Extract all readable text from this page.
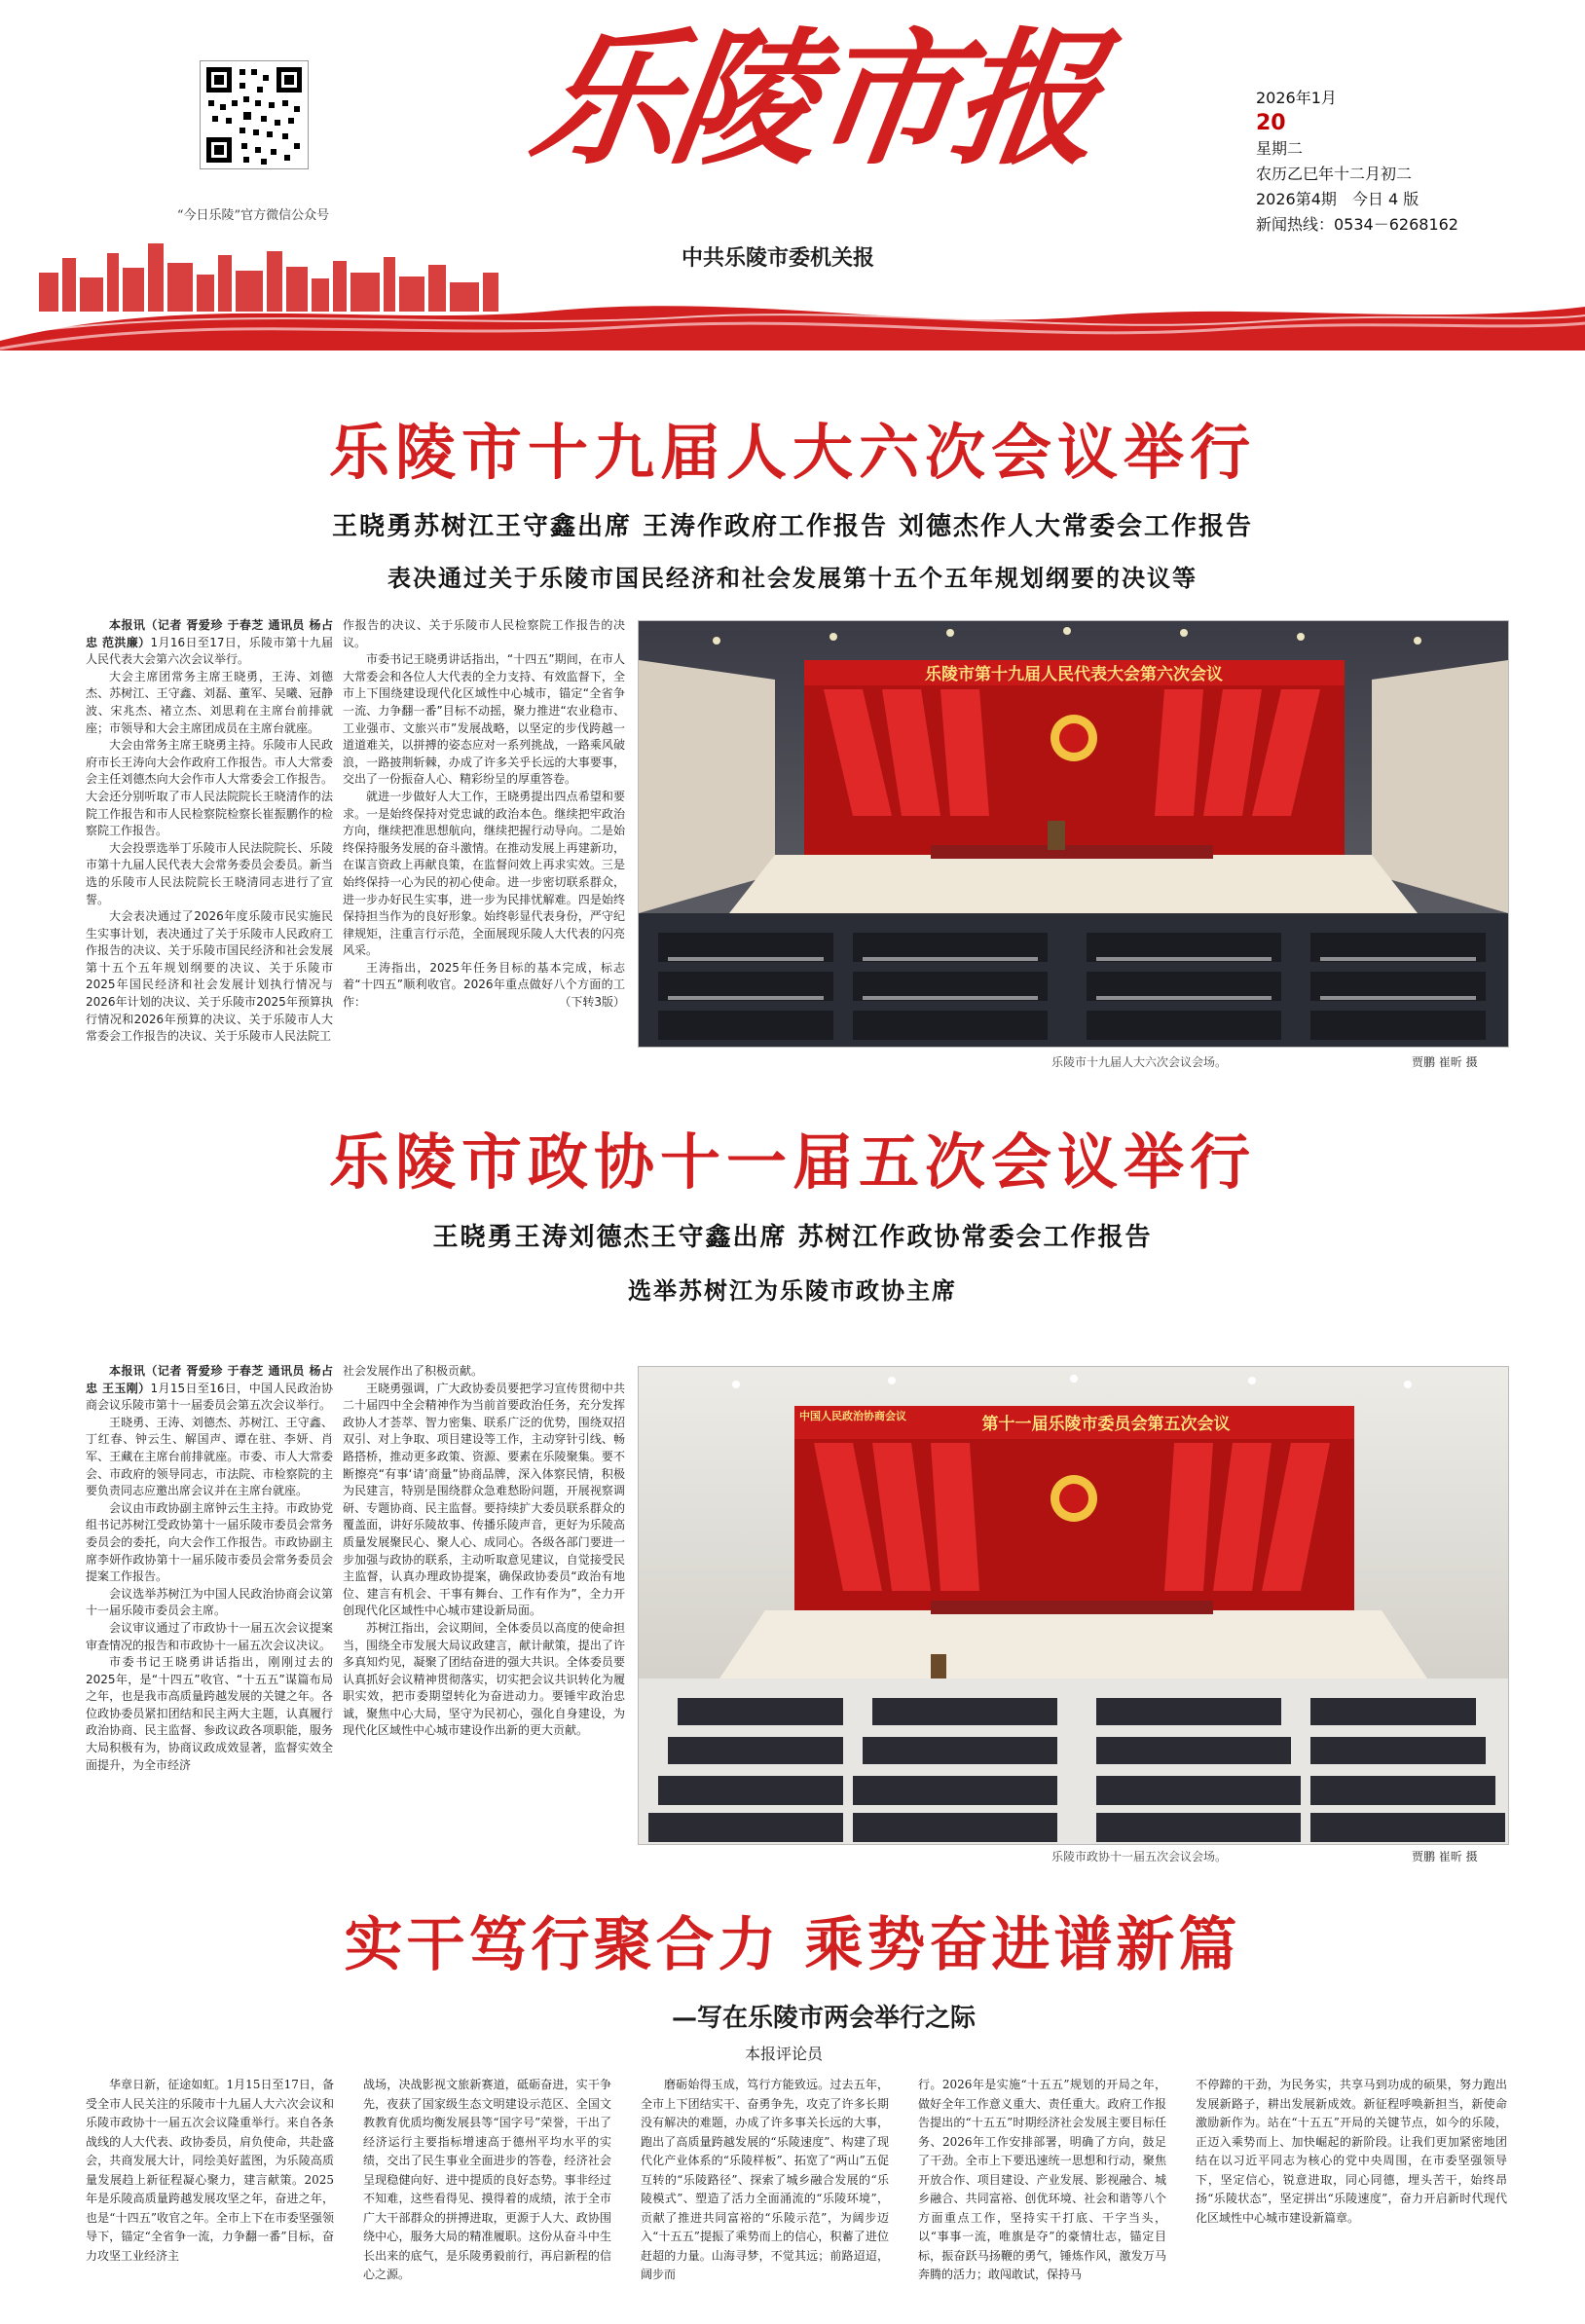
“今日乐陵”官方微信公众号
乐陵市报
中共乐陵市委机关报
2026年1月
20
星期二
农历乙巳年十二月初二
2026第4期　今日 4 版
新闻热线：0534－6268162
乐陵市十九届人大六次会议举行
王晓勇苏树江王守鑫出席 王涛作政府工作报告 刘德杰作人大常委会工作报告
表决通过关于乐陵市国民经济和社会发展第十五个五年规划纲要的决议等

本报讯（记者 胥爱珍 于春芝 通讯员 杨占忠 范洪廉）1月16日至17日，乐陵市第十九届人民代表大会第六次会议举行。

大会主席团常务主席王晓勇，王涛、刘德杰、苏树江、王守鑫、刘磊、董军、吴曦、冠静波、宋兆杰、褚立杰、刘思莉在主席台前排就座；市领导和大会主席团成员在主席台就座。

大会由常务主席王晓勇主持。乐陵市人民政府市长王涛向大会作政府工作报告。市人大常委会主任刘德杰向大会作市人大常委会工作报告。大会还分别听取了市人民法院院长王晓清作的法院工作报告和市人民检察院检察长崔振鹏作的检察院工作报告。

大会投票选举丁乐陵市人民法院院长、乐陵市第十九届人民代表大会常务委员会委员。新当选的乐陵市人民法院院长王晓清同志进行了宣誓。

大会表决通过了2026年度乐陵市民实施民生实事计划，表决通过了关于乐陵市人民政府工作报告的决议、关于乐陵市国民经济和社会发展第十五个五年规划纲要的决议、关于乐陵市2025年国民经济和社会发展计划执行情况与2026年计划的决议、关于乐陵市2025年预算执行情况和2026年预算的决议、关于乐陵市人大常委会工作报告的决议、关于乐陵市人民法院工

作报告的决议、关于乐陵市人民检察院工作报告的决议。

市委书记王晓勇讲话指出，“十四五”期间，在市人大常委会和各位人大代表的全力支持、有效监督下，全市上下围绕建设现代化区域性中心城市，锚定“全省争一流、力争翻一番”目标不动摇，聚力推进“农业稳市、工业强市、文旅兴市”发展战略，以坚定的步伐跨越一道道难关，以拼搏的姿态应对一系列挑战，一路乘风破浪，一路披荆斩棘，办成了许多关乎长远的大事要事，交出了一份振奋人心、精彩纷呈的厚重答卷。

就进一步做好人大工作，王晓勇提出四点希望和要求。一是始终保持对党忠诚的政治本色。继续把牢政治方向，继续把准思想航向，继续把握行动导向。二是始终保持服务发展的奋斗激情。在推动发展上再建新功，在谋言资政上再献良策，在监督问效上再求实效。三是始终保持一心为民的初心使命。进一步密切联系群众，进一步办好民生实事，进一步为民排忧解难。四是始终保持担当作为的良好形象。始终彰显代表身份，严守纪律规矩，注重言行示范，全面展现乐陵人大代表的闪亮风采。

王涛指出，2025年任务目标的基本完成，标志着“十四五”顺利收官。2026年重点做好八个方面的工作：	（下转3版）

乐陵市第十九届人民代表大会第六次会议
乐陵市十九届人大六次会议会场。	贾鹏 崔昕 摄
乐陵市政协十一届五次会议举行
王晓勇王涛刘德杰王守鑫出席 苏树江作政协常委会工作报告
选举苏树江为乐陵市政协主席

本报讯（记者 胥爱珍 于春芝 通讯员 杨占忠 王玉刚）1月15日至16日，中国人民政治协商会议乐陵市第十一届委员会第五次会议举行。

王晓勇、王涛、刘德杰、苏树江、王守鑫、丁红春、钟云生、解国声、谭在驻、李妍、肖军、王藏在主席台前排就座。市委、市人大常委会、市政府的领导同志，市法院、市检察院的主要负责同志应邀出席会议并在主席台就座。

会议由市政协副主席钟云生主持。市政协党组书记苏树江受政协第十一届乐陵市委员会常务委员会的委托，向大会作工作报告。市政协副主席李妍作政协第十一届乐陵市委员会常务委员会提案工作报告。

会议选举苏树江为中国人民政治协商会议第十一届乐陵市委员会主席。

会议审议通过了市政协十一届五次会议提案审查情况的报告和市政协十一届五次会议决议。

市委书记王晓勇讲话指出，刚刚过去的2025年，是“十四五”收官、“十五五”谋篇布局之年，也是我市高质量跨越发展的关键之年。各位政协委员紧扣团结和民主两大主题，认真履行政治协商、民主监督、参政议政各项职能，服务大局积极有为，协商议政成效显著，监督实效全面提升，为全市经济

社会发展作出了积极贡献。

王晓勇强调，广大政协委员要把学习宣传贯彻中共二十届四中全会精神作为当前首要政治任务，充分发挥政协人才荟萃、智力密集、联系广泛的优势，围绕双招双引、对上争取、项目建设等工作，主动穿针引线、畅路搭桥，推动更多政策、资源、要素在乐陵聚集。要不断擦亮“有事‘请’商量”协商品牌，深入体察民情，积极为民建言，特别是围绕群众急难愁盼问题，开展视察调研、专题协商、民主监督。要持续扩大委员联系群众的覆盖面，讲好乐陵故事、传播乐陵声音，更好为乐陵高质量发展聚民心、聚人心、成同心。各级各部门要进一步加强与政协的联系，主动听取意见建议，自觉接受民主监督，认真办理政协提案，确保政协委员“政治有地位、建言有机会、干事有舞台、工作有作为”，全力开创现代化区域性中心城市建设新局面。

苏树江指出，会议期间，全体委员以高度的使命担当，围绕全市发展大局议政建言，献计献策，提出了许多真知灼见，凝聚了团结奋进的强大共识。全体委员要认真抓好会议精神贯彻落实，切实把会议共识转化为履职实效，把市委期望转化为奋进动力。要锤牢政治忠诚，聚焦中心大局，坚守为民初心，强化自身建设，为现代化区域性中心城市建设作出新的更大贡献。

中国人民政治协商会议	第十一届乐陵市委员会第五次会议
乐陵市政协十一届五次会议会场。	贾鹏 崔昕 摄
实干笃行聚合力 乘势奋进谱新篇
—写在乐陵市两会举行之际
本报评论员

华章日新，征途如虹。1月15日至17日，备受全市人民关注的乐陵市十九届人大六次会议和乐陵市政协十一届五次会议隆重举行。来自各条战线的人大代表、政协委员，肩负使命，共赴盛会，共商发展大计，同绘美好蓝图，为乐陵高质量发展趋上新征程凝心聚力，建言献策。2025年是乐陵高质量跨越发展攻坚之年，奋进之年，也是“十四五”收官之年。全市上下在市委坚强领导下，锚定“全省争一流，力争翻一番”目标，奋力攻坚工业经济主

战场，决战影视文旅新赛道，砥砺奋进，实干争先，夜获了国家级生态文明建设示范区、全国文教教育优质均衡发展县等“国字号”荣誉，干出了经济运行主要指标增速高于德州平均水平的实绩，交出了民生事业全面进步的答卷，经济社会呈现稳健向好、进中提质的良好态势。事非经过不知难，这些看得见、摸得着的成绩，浓于全市广大干部群众的拼搏进取，更源于人大、政协围绕中心，服务大局的精准履职。这份从奋斗中生长出来的底气，是乐陵勇毅前行，再启新程的信心之源。

磨砺始得玉成，笃行方能致远。过去五年，全市上下团结实干、奋勇争先，攻克了许多长期没有解决的难题，办成了许多事关长远的大事，跑出了高质量跨越发展的“乐陵速度”、构建了现代化产业体系的“乐陵样板”、拓宽了“两山”五促互转的“乐陵路径”、探索了城乡融合发展的“乐陵模式”、塑造了活力全面涌流的“乐陵环境”，贡献了推进共同富裕的“乐陵示范”，为阔步迈入“十五五”提振了乘势而上的信心，积蓄了进位赶超的力量。山海寻梦，不觉其远；前路迢迢，阔步而

行。2026年是实施“十五五”规划的开局之年，做好全年工作意义重大、责任重大。政府工作报告提出的“十五五”时期经济社会发展主要目标任务、2026年工作安排部署，明确了方向，鼓足了干劲。全市上下要迅速统一思想和行动，聚焦开放合作、项目建设、产业发展、影视融合、城乡融合、共同富裕、创优环境、社会和谐等八个方面重点工作，坚持实干打底、干字当头，以“事事一流，唯旗是夺”的豪情壮志，锚定目标，振奋跃马扬鞭的勇气，锤炼作风，激发万马奔腾的活力；敢闯敢试，保持马

不停蹄的干劲，为民务实，共享马到功成的硕果，努力跑出发展新路子，耕出发展新成效。新征程呼唤新担当，新使命激励新作为。站在“十五五”开局的关键节点，如今的乐陵，正迈入乘势而上、加快崛起的新阶段。让我们更加紧密地团结在以习近平同志为核心的党中央周围，在市委坚强领导下，坚定信心，锐意进取，同心同德，埋头苦干，始终昂扬“乐陵状态”，坚定拼出“乐陵速度”，奋力开启新时代现代化区域性中心城市建设新篇章。
